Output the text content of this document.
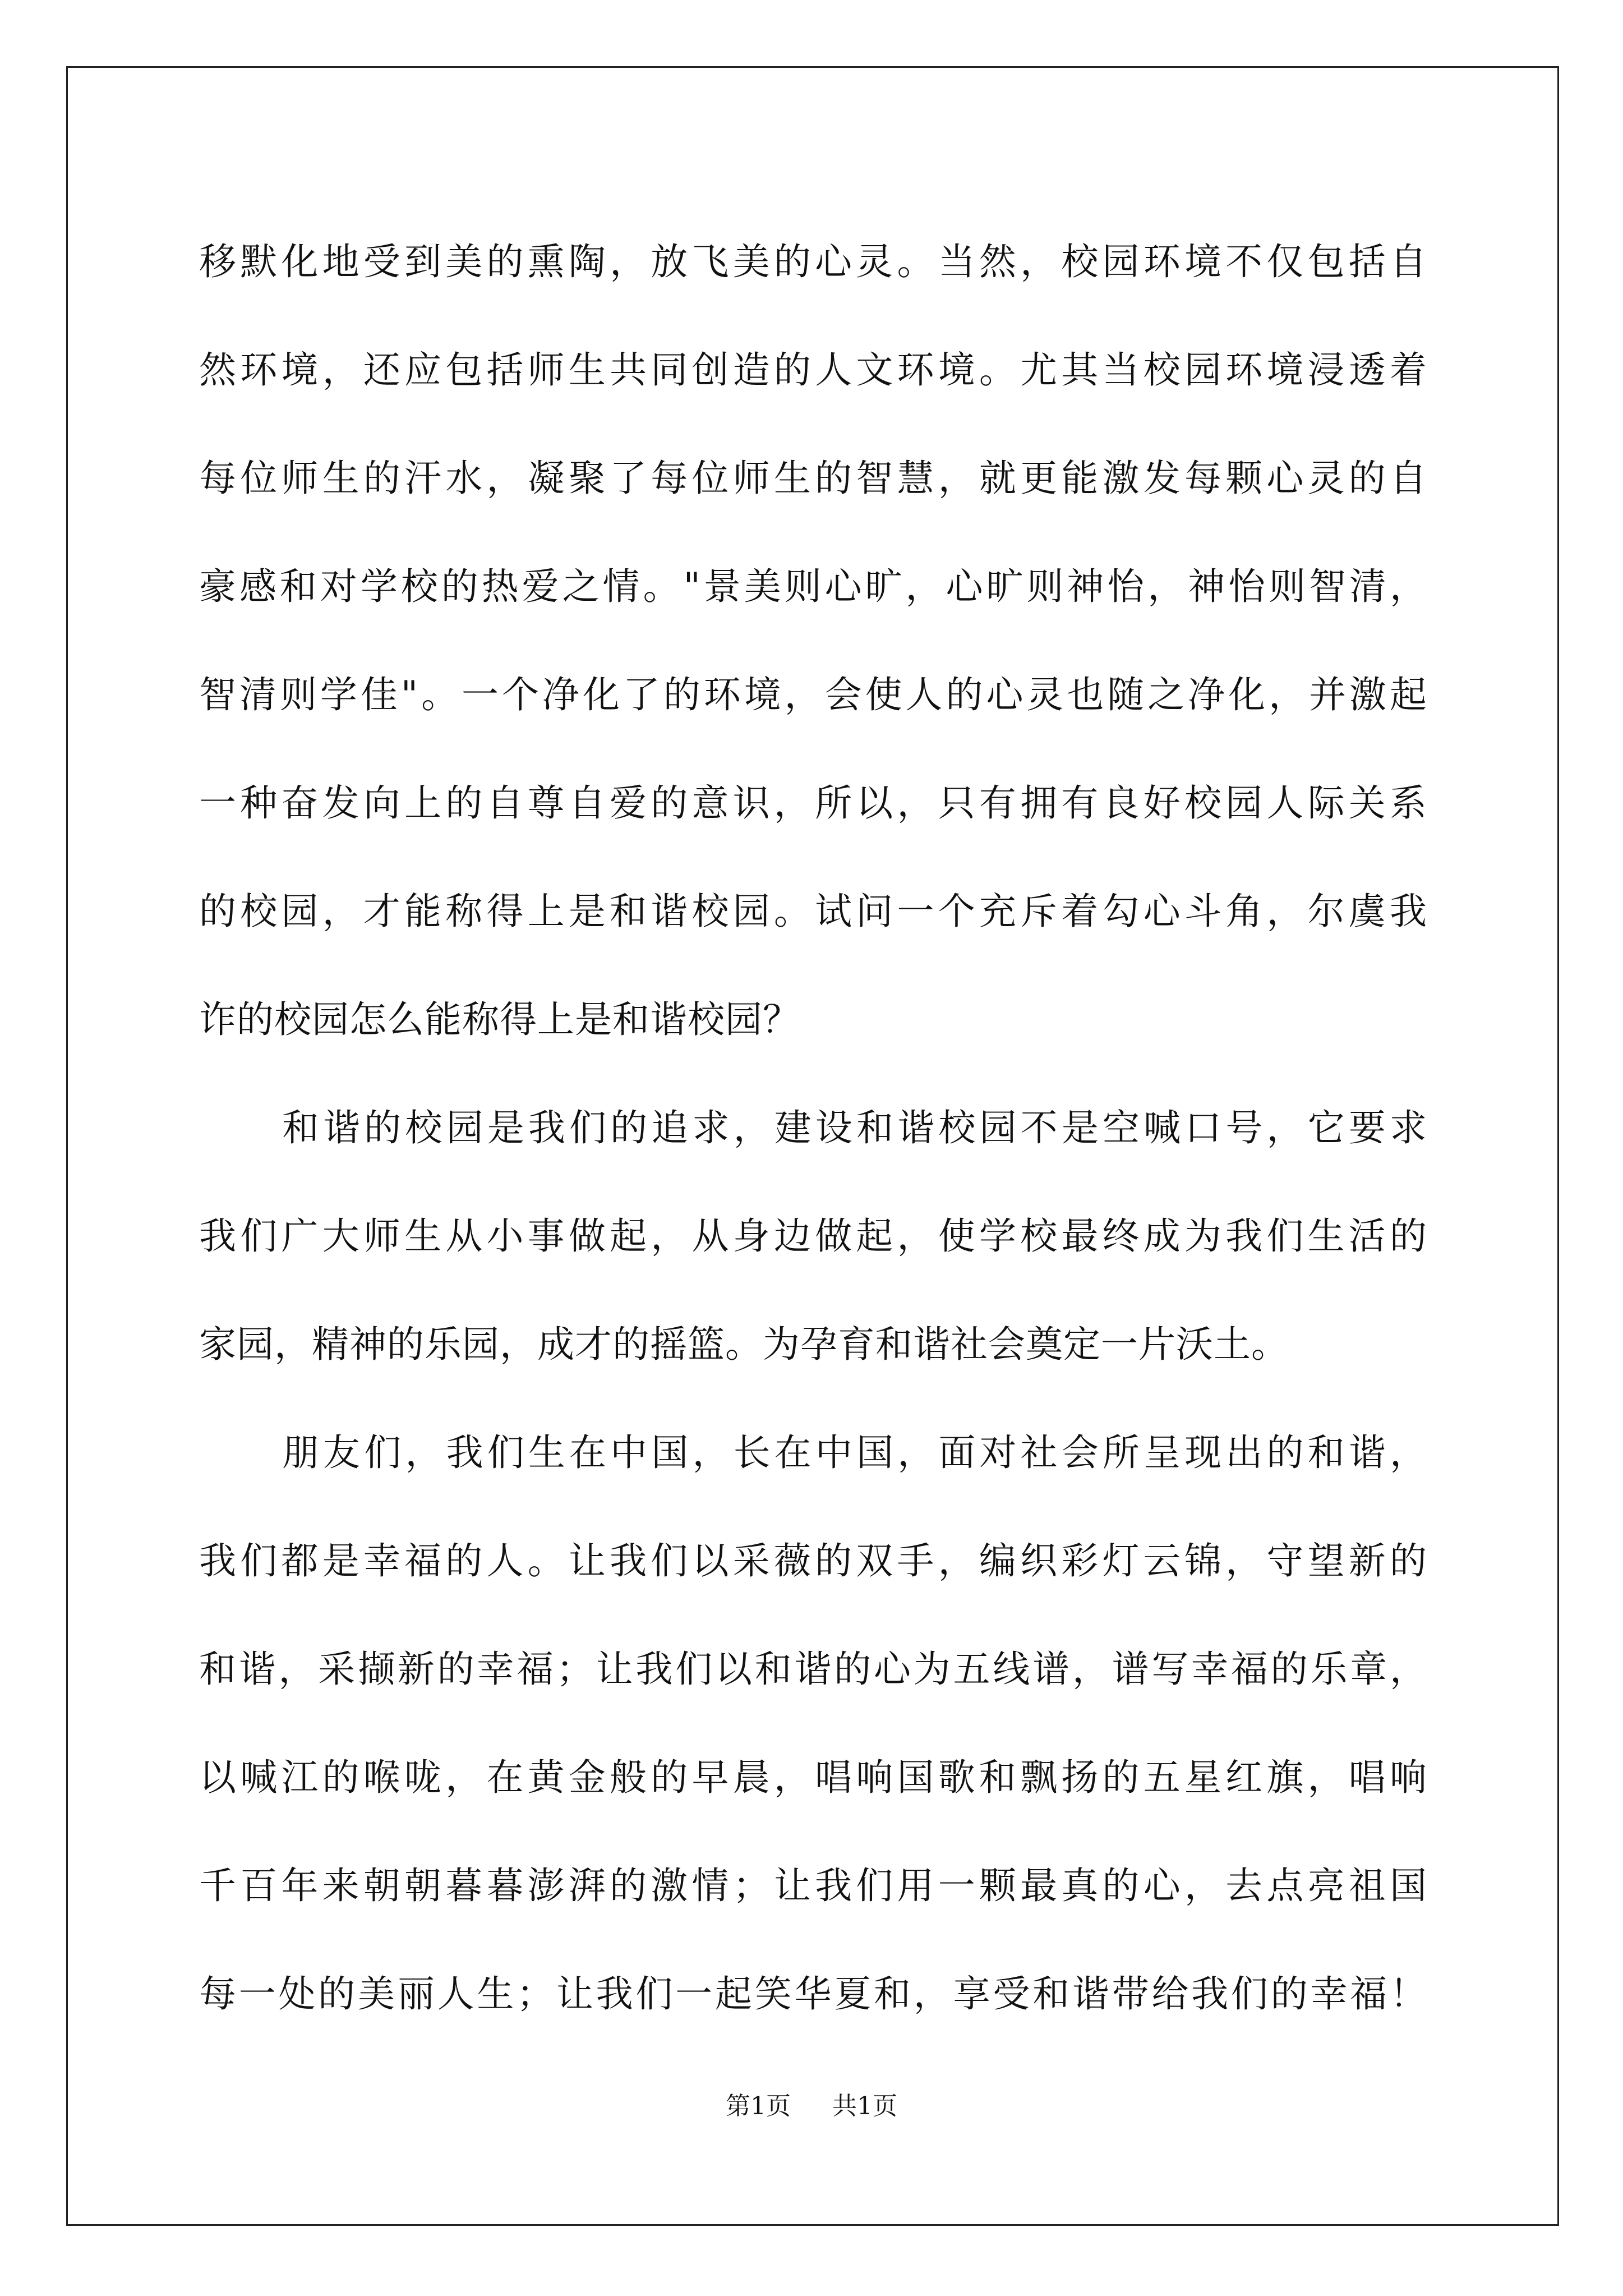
移默化地受到美的熏陶，放飞美的心灵。当然，校园环境不仅包括自
然环境，还应包括师生共同创造的人文环境。尤其当校园环境浸透着
每位师生的汗水，凝聚了每位师生的智慧，就更能激发每颗心灵的自
豪感和对学校的热爱之情。"景美则心旷，心旷则神怡，神怡则智清，
智清则学佳"。一个净化了的环境，会使人的心灵也随之净化，并激起
一种奋发向上的自尊自爱的意识，所以，只有拥有良好校园人际关系
的校园，才能称得上是和谐校园。试问一个充斥着勾心斗角，尔虞我
诈的校园怎么能称得上是和谐校园？
和谐的校园是我们的追求，建设和谐校园不是空喊口号，它要求
我们广大师生从小事做起，从身边做起，使学校最终成为我们生活的
家园，精神的乐园，成才的摇篮。为孕育和谐社会奠定一片沃土。
朋友们，我们生在中国，长在中国，面对社会所呈现出的和谐，
我们都是幸福的人。让我们以采薇的双手，编织彩灯云锦，守望新的
和谐，采撷新的幸福；让我们以和谐的心为五线谱，谱写幸福的乐章，
以喊江的喉咙，在黄金般的早晨，唱响国歌和飘扬的五星红旗，唱响
千百年来朝朝暮暮澎湃的激情；让我们用一颗最真的心，去点亮祖国
每一处的美丽人生；让我们一起笑华夏和，享受和谐带给我们的幸福！
第1页 共1页
